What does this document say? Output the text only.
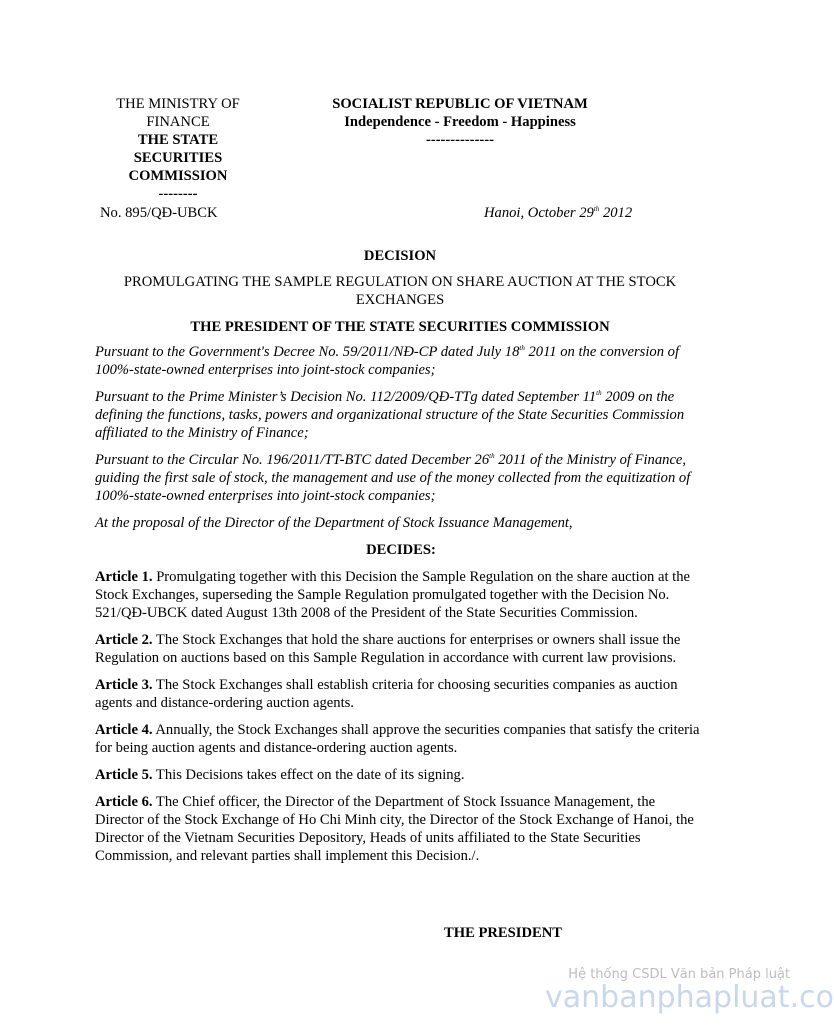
THE MINISTRY OF
FINANCE
THE STATE
SECURITIES
COMMISSION
--------
SOCIALIST REPUBLIC OF VIETNAM
Independence - Freedom - Happiness
--------------
No. 895/QĐ-UBCK	Hanoi, October 29th 2012
DECISION
PROMULGATING THE SAMPLE REGULATION ON SHARE AUCTION AT THE STOCK
EXCHANGES
THE PRESIDENT OF THE STATE SECURITIES COMMISSION

Pursuant to the Government's Decree No. 59/2011/NĐ-CP dated July 18th 2011 on the conversion of 100%-state-owned enterprises into joint-stock companies;

Pursuant to the Prime Minister’s Decision No. 112/2009/QĐ-TTg dated September 11th 2009 on the defining the functions, tasks, powers and organizational structure of the State Securities Commission affiliated to the Ministry of Finance;

Pursuant to the Circular No. 196/2011/TT-BTC dated December 26th 2011 of the Ministry of Finance, guiding the first sale of stock, the management and use of the money collected from the equitization of 100%-state-owned enterprises into joint-stock companies;

At the proposal of the Director of the Department of Stock Issuance Management,

DECIDES:

Article 1. Promulgating together with this Decision the Sample Regulation on the share auction at the Stock Exchanges, superseding the Sample Regulation promulgated together with the Decision No. 521/QĐ-UBCK dated August 13th 2008 of the President of the State Securities Commission.

Article 2. The Stock Exchanges that hold the share auctions for enterprises or owners shall issue the Regulation on auctions based on this Sample Regulation in accordance with current law provisions.

Article 3. The Stock Exchanges shall establish criteria for choosing securities companies as auction agents and distance-ordering auction agents.

Article 4. Annually, the Stock Exchanges shall approve the securities companies that satisfy the criteria for being auction agents and distance-ordering auction agents.

Article 5. This Decisions takes effect on the date of its signing.

Article 6. The Chief officer, the Director of the Department of Stock Issuance Management, the Director of the Stock Exchange of Ho Chi Minh city, the Director of the Stock Exchange of Hanoi, the Director of the Vietnam Securities Depository, Heads of units affiliated to the State Securities Commission, and relevant parties shall implement this Decision./.

THE PRESIDENT
Hệ thống CSDL Văn bản Pháp luật
vanbanphapluat.co
